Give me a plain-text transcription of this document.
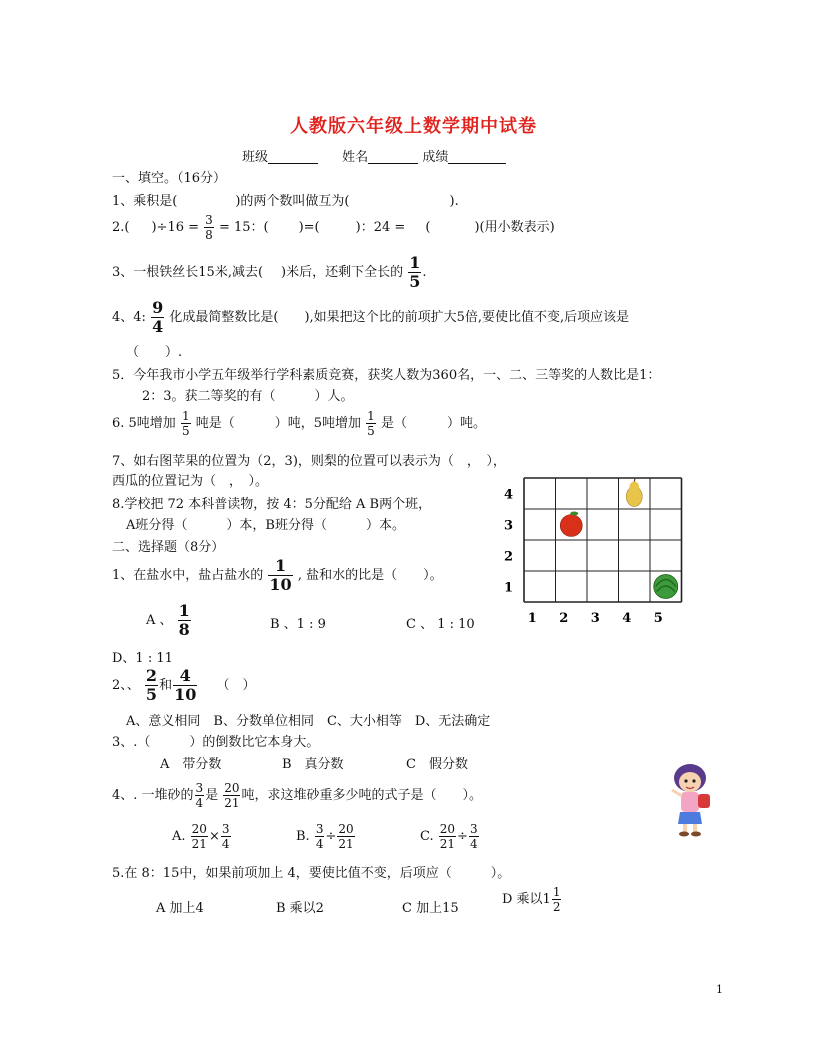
人教版六年级上数学期中试卷
班级	姓名	成绩
一、填空。（16分）
1、乘积是(	)的两个数叫做互为(	).
2.( )$\div 16 = \frac{3}{8} = 15$：( )=(	)：24 = (	)(用小数表示)
3、一根铁丝长15米,减去( )米后，还剩下全长的 $\frac{1}{5}$ .
4、4: $\frac{9}{4}$ 化成最简整数比是( ),如果把这个比的前项扩大5倍,要使比值不变,后项应该是
（　　）.
5．今年我市小学五年级举行学科素质竞赛，获奖人数为360名，一、二、三等奖的人数比是1：
2：3。获二等奖的有（　　　）人。
6. 5吨增加 $\frac{1}{5}$ 吨是（	）吨，5吨增加 $\frac{1}{5}$ 是（	）吨。
7、如右图苹果的位置为（2，3)，则梨的位置可以表示为（　，　），
西瓜的位置记为（　，　）。
8.学校把 72 本科普读物，按 4：5分配给 A B两个班，
A班分得（　　　）本，B班分得（　　　）本。
4
3
2
1
1 2 3 4 5
二、选择题（8分）
1、在盐水中，盐占盐水的 $\frac{1}{10}$ , 盐和水的比是（　　）。
A 、 $\frac{1}{8}$	B 、1 : 9	C 、 1 : 10
D、1 : 11
2、、 $\frac{2}{5}$ 和 $\frac{4}{10}$ （　）
A、意义相同　B、分数单位相同　C、大小相等　D、无法确定
3、.（　　　）的倒数比它本身大。
A　带分数	B　真分数	C　假分数
4、. 一堆砂的 $\frac{3}{4}$ 是 $\frac{20}{21}$ 吨，求这堆砂重多少吨的式子是（　　）。
A. $\frac{20}{21} \times \frac{3}{4}$	B. $\frac{3}{4} \div \frac{20}{21}$	C. $\frac{20}{21} \div \frac{3}{4}$
5.在 8：15中，如果前项加上 4，要使比值不变，后项应（　　　）。
A 加上4	B 乘以2	C 加上15
D 乘以$1 \frac{1}{2}$
1
